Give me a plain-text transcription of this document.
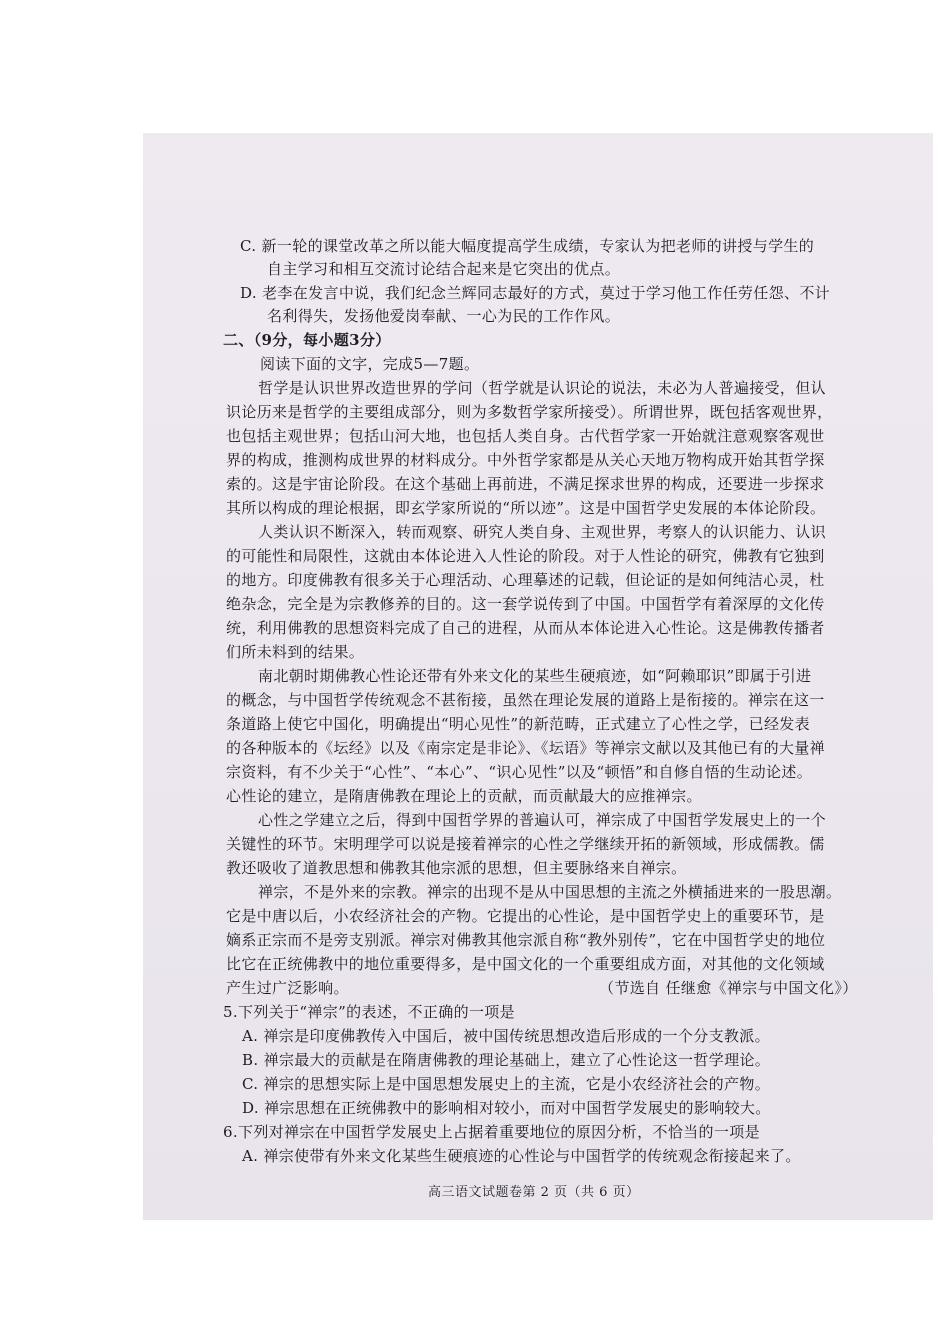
C. 新一轮的课堂改革之所以能大幅度提高学生成绩，专家认为把老师的讲授与学生的
自主学习和相互交流讨论结合起来是它突出的优点。
D. 老李在发言中说，我们纪念兰辉同志最好的方式，莫过于学习他工作任劳任怨、不计
名利得失，发扬他爱岗奉献、一心为民的工作作风。
二、（9分，每小题3分）
阅读下面的文字，完成5—7题。
哲学是认识世界改造世界的学问（哲学就是认识论的说法，未必为人普遍接受，但认
识论历来是哲学的主要组成部分，则为多数哲学家所接受）。所谓世界，既包括客观世界，
也包括主观世界；包括山河大地，也包括人类自身。古代哲学家一开始就注意观察客观世
界的构成，推测构成世界的材料成分。中外哲学家都是从关心天地万物构成开始其哲学探
索的。这是宇宙论阶段。在这个基础上再前进，不满足探求世界的构成，还要进一步探求
其所以构成的理论根据，即玄学家所说的“所以迹”。这是中国哲学史发展的本体论阶段。
人类认识不断深入，转而观察、研究人类自身、主观世界，考察人的认识能力、认识
的可能性和局限性，这就由本体论进入人性论的阶段。对于人性论的研究，佛教有它独到
的地方。印度佛教有很多关于心理活动、心理摹述的记载，但论证的是如何纯洁心灵，杜
绝杂念，完全是为宗教修养的目的。这一套学说传到了中国。中国哲学有着深厚的文化传
统，利用佛教的思想资料完成了自己的进程，从而从本体论进入心性论。这是佛教传播者
们所未料到的结果。
南北朝时期佛教心性论还带有外来文化的某些生硬痕迹，如“阿赖耶识”即属于引进
的概念，与中国哲学传统观念不甚衔接，虽然在理论发展的道路上是衔接的。禅宗在这一
条道路上使它中国化，明确提出“明心见性”的新范畴，正式建立了心性之学，已经发表
的各种版本的《坛经》以及《南宗定是非论》、《坛语》等禅宗文献以及其他已有的大量禅
宗资料，有不少关于“心性”、“本心”、“识心见性”以及“顿悟”和自修自悟的生动论述。
心性论的建立，是隋唐佛教在理论上的贡献，而贡献最大的应推禅宗。
心性之学建立之后，得到中国哲学界的普遍认可，禅宗成了中国哲学发展史上的一个
关键性的环节。宋明理学可以说是接着禅宗的心性之学继续开拓的新领域，形成儒教。儒
教还吸收了道教思想和佛教其他宗派的思想，但主要脉络来自禅宗。
禅宗，不是外来的宗教。禅宗的出现不是从中国思想的主流之外横插进来的一股思潮。
它是中唐以后，小农经济社会的产物。它提出的心性论，是中国哲学史上的重要环节，是
嫡系正宗而不是旁支别派。禅宗对佛教其他宗派自称“教外别传”，它在中国哲学史的地位
比它在正统佛教中的地位重要得多，是中国文化的一个重要组成方面，对其他的文化领域
产生过广泛影响。	（节选自 任继愈《禅宗与中国文化》）
5.下列关于“禅宗”的表述，不正确的一项是
A. 禅宗是印度佛教传入中国后，被中国传统思想改造后形成的一个分支教派。
B. 禅宗最大的贡献是在隋唐佛教的理论基础上，建立了心性论这一哲学理论。
C. 禅宗的思想实际上是中国思想发展史上的主流，它是小农经济社会的产物。
D. 禅宗思想在正统佛教中的影响相对较小，而对中国哲学发展史的影响较大。
6.下列对禅宗在中国哲学发展史上占据着重要地位的原因分析，不恰当的一项是
A. 禅宗使带有外来文化某些生硬痕迹的心性论与中国哲学的传统观念衔接起来了。
高三语文试题卷第 2 页（共 6 页）
